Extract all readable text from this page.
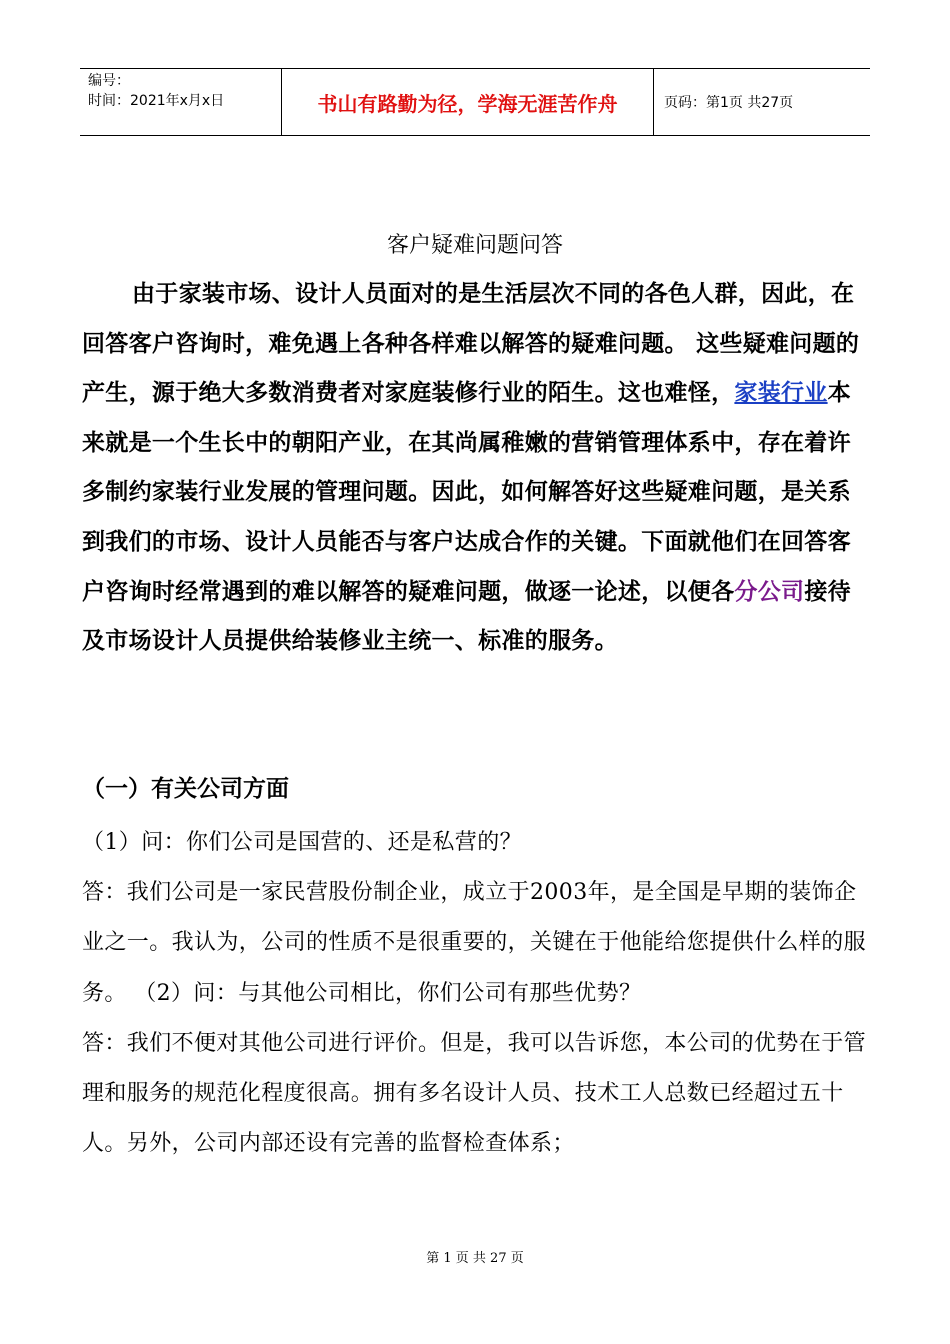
编号：
时间：2021年x月x日	书山有路勤为径，学海无涯苦作舟	页码：第1页 共27页
客户疑难问题问答
由于家装市场、设计人员面对的是生活层次不同的各色人群，因此，在回答客户咨询时，难免遇上各种各样难以解答的疑难问题。 这些疑难问题的产生，源于绝大多数消费者对家庭装修行业的陌生。这也难怪，家装行业本来就是一个生长中的朝阳产业，在其尚属稚嫩的营销管理体系中，存在着许多制约家装行业发展的管理问题。因此，如何解答好这些疑难问题，是关系到我们的市场、设计人员能否与客户达成合作的关键。下面就他们在回答客户咨询时经常遇到的难以解答的疑难问题，做逐一论述，以便各分公司接待及市场设计人员提供给装修业主统一、标准的服务。
（一）有关公司方面

（1）问：你们公司是国营的、还是私营的？

答：我们公司是一家民营股份制企业，成立于2003年，是全国是早期的装饰企业之一。我认为，公司的性质不是很重要的，关键在于他能给您提供什么样的服务。 （2）问：与其他公司相比，你们公司有那些优势？

答：我们不便对其他公司进行评价。但是，我可以告诉您，本公司的优势在于管理和服务的规范化程度很高。拥有多名设计人员、技术工人总数已经超过五十人。另外，公司内部还设有完善的监督检查体系；

第 1 页 共 27 页
